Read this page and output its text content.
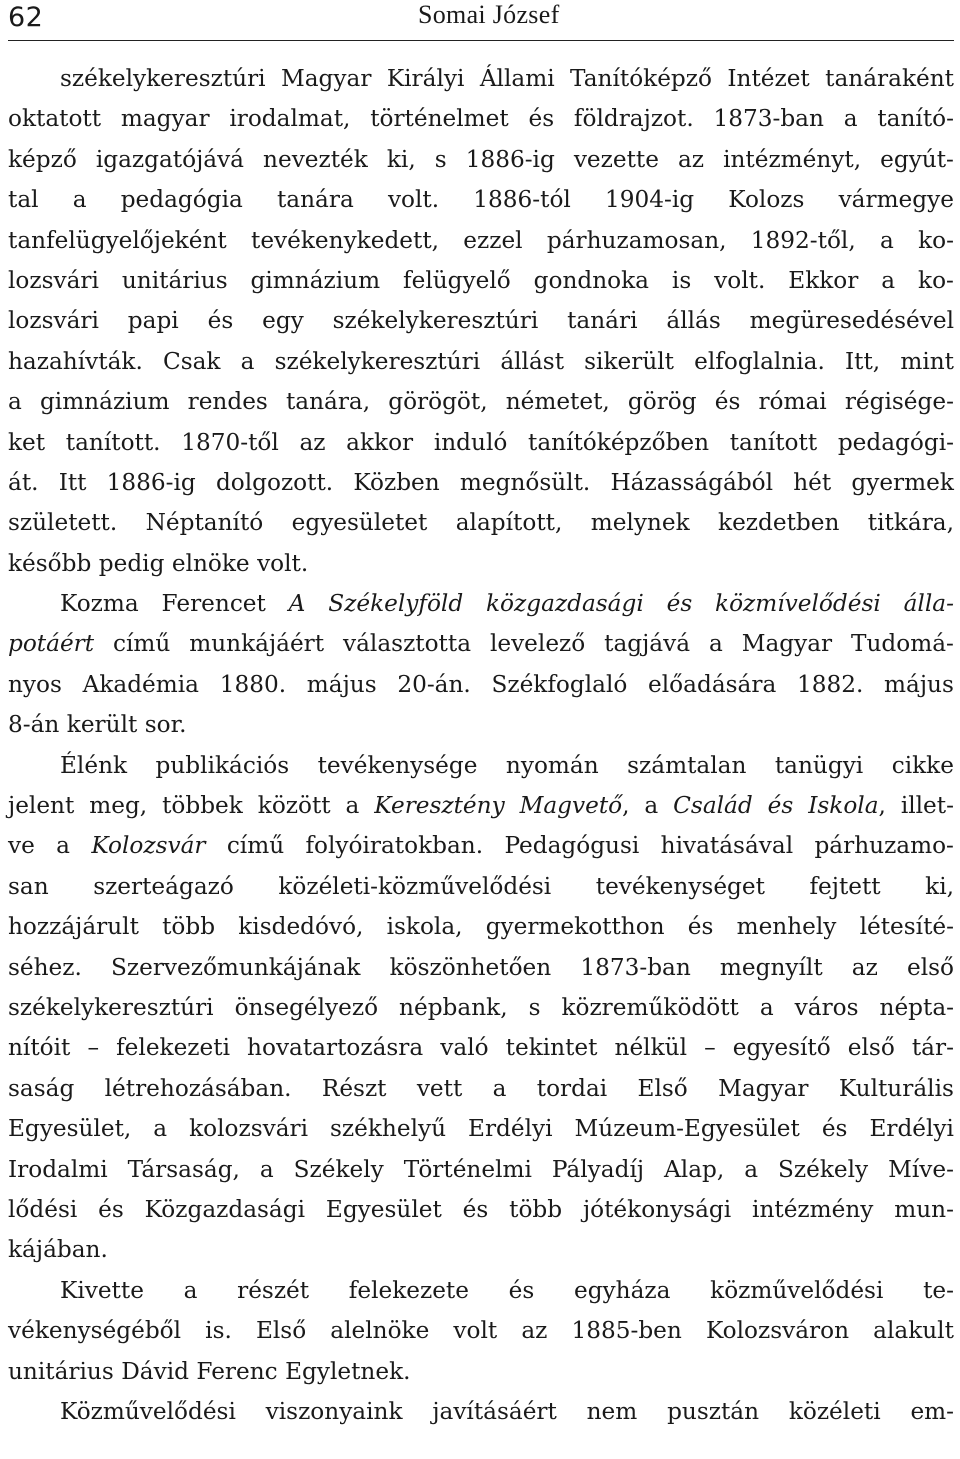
62	Somai József
székelykeresztúri Magyar Királyi Állami Tanítóképző Intézet tanáraként
oktatott magyar irodalmat, történelmet és földrajzot. 1873-ban a tanító-
képző igazgatójává nevezték ki, s 1886-ig vezette az intézményt, egyút-
tal a pedagógia tanára volt. 1886-tól 1904-ig Kolozs vármegye
tanfelügyelőjeként tevékenykedett, ezzel párhuzamosan, 1892-től, a ko-
lozsvári unitárius gimnázium felügyelő gondnoka is volt. Ekkor a ko-
lozsvári papi és egy székelykeresztúri tanári állás megüresedésével
hazahívták. Csak a székelykeresztúri állást sikerült elfoglalnia. Itt, mint
a gimnázium rendes tanára, görögöt, németet, görög és római régisége-
ket tanított. 1870-től az akkor induló tanítóképzőben tanított pedagógi-
át. Itt 1886-ig dolgozott. Közben megnősült. Házasságából hét gyermek
született. Néptanító egyesületet alapított, melynek kezdetben titkára,
később pedig elnöke volt.
Kozma Ferencet A Székelyföld közgazdasági és közmívelődési álla-
potáért című munkájáért választotta levelező tagjává a Magyar Tudomá-
nyos Akadémia 1880. május 20-án. Székfoglaló előadására 1882. május
8-án került sor.
Élénk publikációs tevékenysége nyomán számtalan tanügyi cikke
jelent meg, többek között a Keresztény Magvető, a Család és Iskola, illet-
ve a Kolozsvár című folyóiratokban. Pedagógusi hivatásával párhuzamo-
san szerteágazó közéleti-közművelődési tevékenységet fejtett ki,
hozzájárult több kisdedóvó, iskola, gyermekotthon és menhely létesíté-
séhez. Szervezőmunkájának köszönhetően 1873-ban megnyílt az első
székelykeresztúri önsegélyező népbank, s közreműködött a város népta-
nítóit – felekezeti hovatartozásra való tekintet nélkül – egyesítő első tár-
saság létrehozásában. Részt vett a tordai Első Magyar Kulturális
Egyesület, a kolozsvári székhelyű Erdélyi Múzeum-Egyesület és Erdélyi
Irodalmi Társaság, a Székely Történelmi Pályadíj Alap, a Székely Míve-
lődési és Közgazdasági Egyesület és több jótékonysági intézmény mun-
kájában.
Kivette a részét felekezete és egyháza közművelődési te-
vékenységéből is. Első alelnöke volt az 1885-ben Kolozsváron alakult
unitárius Dávid Ferenc Egyletnek.
Közművelődési viszonyaink javításáért nem pusztán közéleti em-
